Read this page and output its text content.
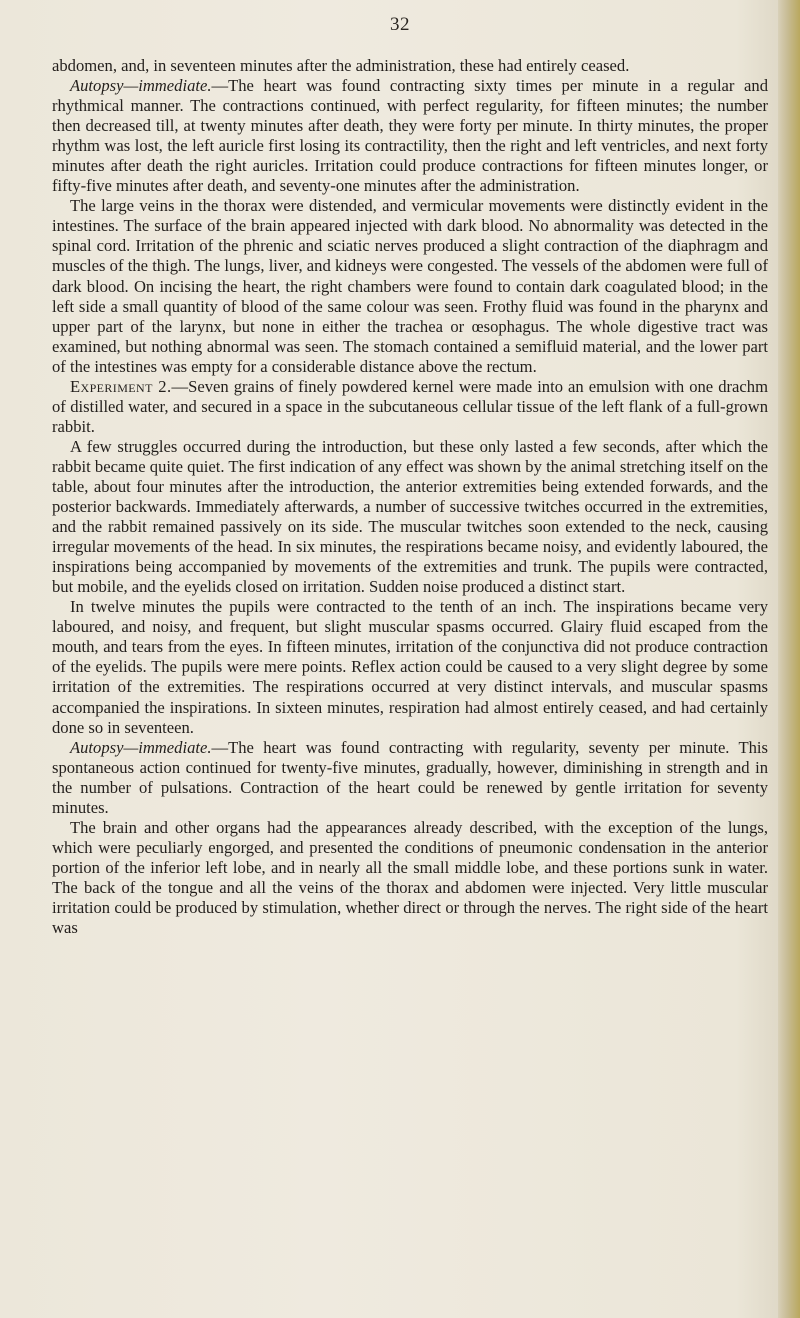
32

abdomen, and, in seventeen minutes after the administration, these had entirely ceased.

Autopsy—immediate.—The heart was found contracting sixty times per minute in a regular and rhythmical manner. The contractions continued, with perfect regularity, for fifteen minutes; the number then decreased till, at twenty minutes after death, they were forty per minute. In thirty minutes, the proper rhythm was lost, the left auricle first losing its contractility, then the right and left ventricles, and next forty minutes after death the right auricles. Irritation could produce contractions for fifteen minutes longer, or fifty-five minutes after death, and seventy-one minutes after the administration.

The large veins in the thorax were distended, and vermicular movements were distinctly evident in the intestines. The surface of the brain appeared injected with dark blood. No abnormality was detected in the spinal cord. Irritation of the phrenic and sciatic nerves produced a slight contraction of the diaphragm and muscles of the thigh. The lungs, liver, and kidneys were congested. The vessels of the abdomen were full of dark blood. On incising the heart, the right chambers were found to contain dark coagulated blood; in the left side a small quantity of blood of the same colour was seen. Frothy fluid was found in the pharynx and upper part of the larynx, but none in either the trachea or œsophagus. The whole digestive tract was examined, but nothing abnormal was seen. The stomach contained a semifluid material, and the lower part of the intestines was empty for a considerable distance above the rectum.

Experiment 2.—Seven grains of finely powdered kernel were made into an emulsion with one drachm of distilled water, and secured in a space in the subcutaneous cellular tissue of the left flank of a full-grown rabbit.

A few struggles occurred during the introduction, but these only lasted a few seconds, after which the rabbit became quite quiet. The first indication of any effect was shown by the animal stretching itself on the table, about four minutes after the introduction, the anterior extremities being extended forwards, and the posterior backwards. Immediately afterwards, a number of successive twitches occurred in the extremities, and the rabbit remained passively on its side. The muscular twitches soon extended to the neck, causing irregular movements of the head. In six minutes, the respirations became noisy, and evidently laboured, the inspirations being accompanied by movements of the extremities and trunk. The pupils were contracted, but mobile, and the eyelids closed on irritation. Sudden noise produced a distinct start.

In twelve minutes the pupils were contracted to the tenth of an inch. The inspirations became very laboured, and noisy, and frequent, but slight muscular spasms occurred. Glairy fluid escaped from the mouth, and tears from the eyes. In fifteen minutes, irritation of the conjunctiva did not produce contraction of the eyelids. The pupils were mere points. Reflex action could be caused to a very slight degree by some irritation of the extremities. The respirations occurred at very distinct intervals, and muscular spasms accompanied the inspirations. In sixteen minutes, respiration had almost entirely ceased, and had certainly done so in seventeen.

Autopsy—immediate.—The heart was found contracting with regularity, seventy per minute. This spontaneous action continued for twenty-five minutes, gradually, however, diminishing in strength and in the number of pulsations. Contraction of the heart could be renewed by gentle irritation for seventy minutes.

The brain and other organs had the appearances already described, with the exception of the lungs, which were peculiarly engorged, and presented the conditions of pneumonic condensation in the anterior portion of the inferior left lobe, and in nearly all the small middle lobe, and these portions sunk in water. The back of the tongue and all the veins of the thorax and abdomen were injected. Very little muscular irritation could be produced by stimulation, whether direct or through the nerves. The right side of the heart was
